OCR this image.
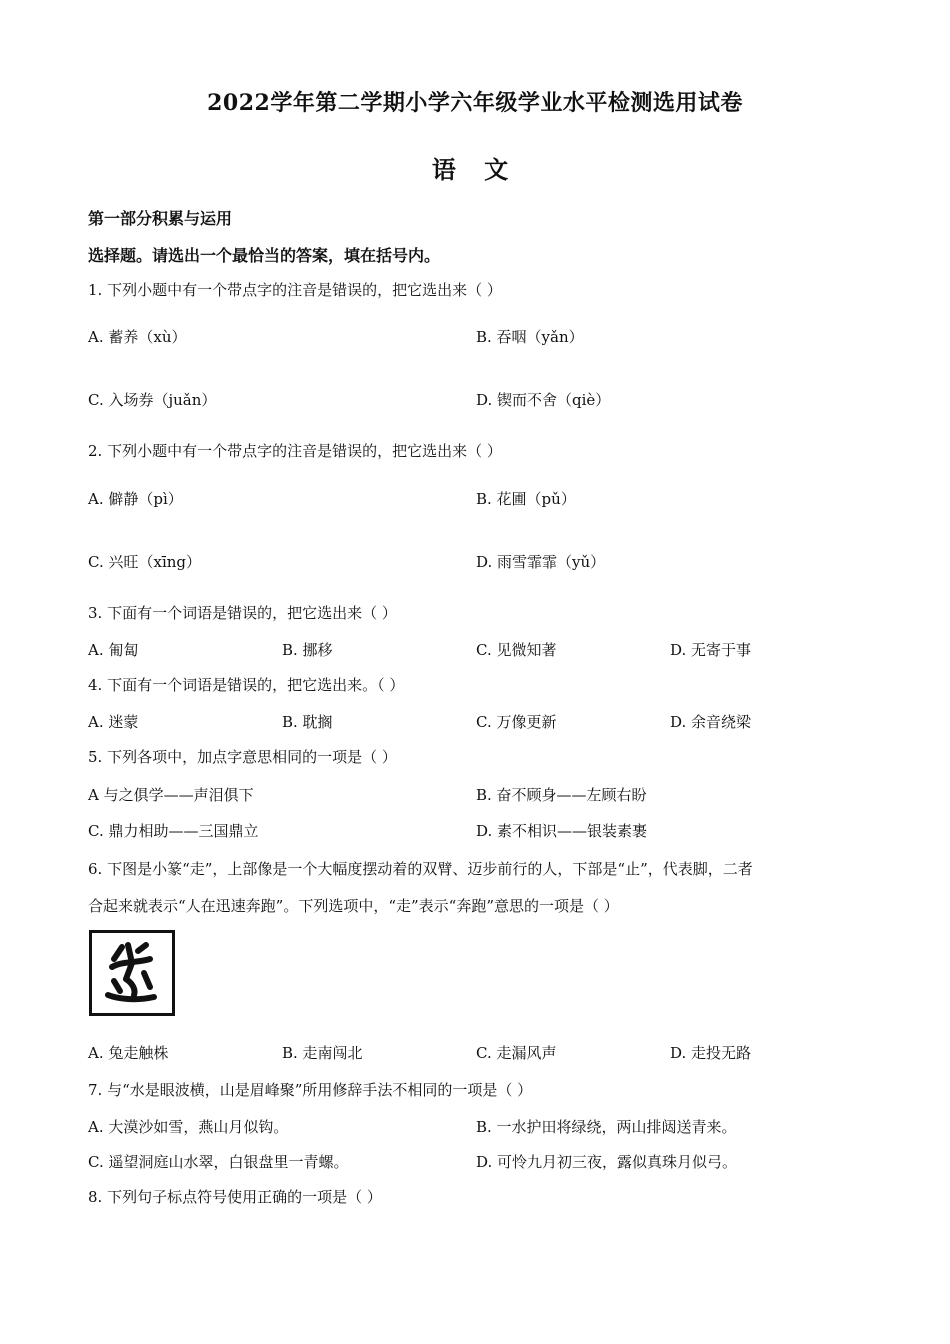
2022学年第二学期小学六年级学业水平检测选用试卷
语 文
第一部分积累与运用
选择题。请选出一个最恰当的答案，填在括号内。
1. 下列小题中有一个带点字的注音是错误的，把它选出来（ ）
A. 蓄养（xù）	B. 吞咽（yǎn）
C. 入场券（juǎn）	D. 锲而不舍（qiè）
2. 下列小题中有一个带点字的注音是错误的，把它选出来（ ）
A. 僻静（pì）	B. 花圃（pǔ）
C. 兴旺（xīng）	D. 雨雪霏霏（yǔ）
3. 下面有一个词语是错误的，把它选出来（ ）
A. 匍匐	B. 挪移	C. 见微知著	D. 无寄于事
4. 下面有一个词语是错误的，把它选出来。（ ）
A. 迷蒙	B. 耽搁	C. 万像更新	D. 余音绕梁
5. 下列各项中，加点字意思相同的一项是（ ）
A 与之俱学——声泪俱下	B. 奋不顾身——左顾右盼
C. 鼎力相助——三国鼎立	D. 素不相识——银装素裹
6. 下图是小篆“走”，上部像是一个大幅度摆动着的双臂、迈步前行的人，下部是“止”，代表脚，二者
合起来就表示“人在迅速奔跑”。下列选项中，“走”表示“奔跑”意思的一项是（ ）
A. 兔走触株	B. 走南闯北	C. 走漏风声	D. 走投无路
7. 与“水是眼波横，山是眉峰聚”所用修辞手法不相同的一项是（ ）
A. 大漠沙如雪，燕山月似钩。	B. 一水护田将绿绕，两山排闼送青来。
C. 遥望洞庭山水翠，白银盘里一青螺。	D. 可怜九月初三夜，露似真珠月似弓。
8. 下列句子标点符号使用正确的一项是（ ）
